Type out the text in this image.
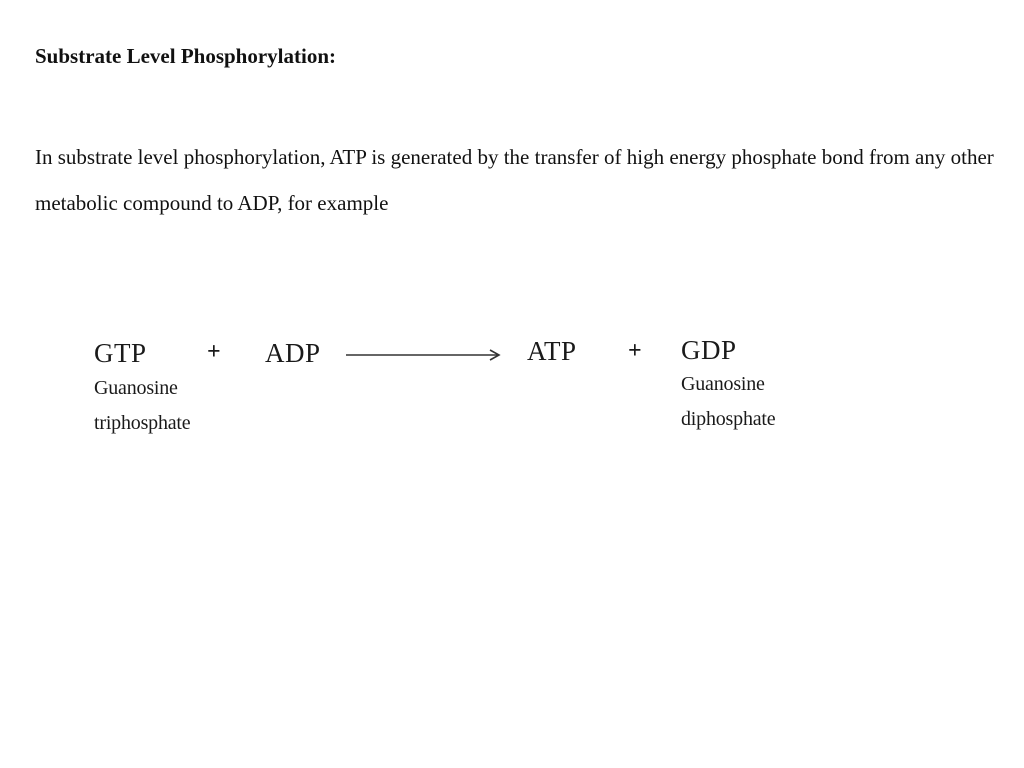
Substrate Level Phosphorylation:

In substrate level phosphorylation, ATP is generated by the transfer of high energy phosphate bond from any other metabolic compound to ADP, for example

GTP
Guanosine
triphosphate
+ ADP	ATP + GDP
Guanosine
diphosphate
